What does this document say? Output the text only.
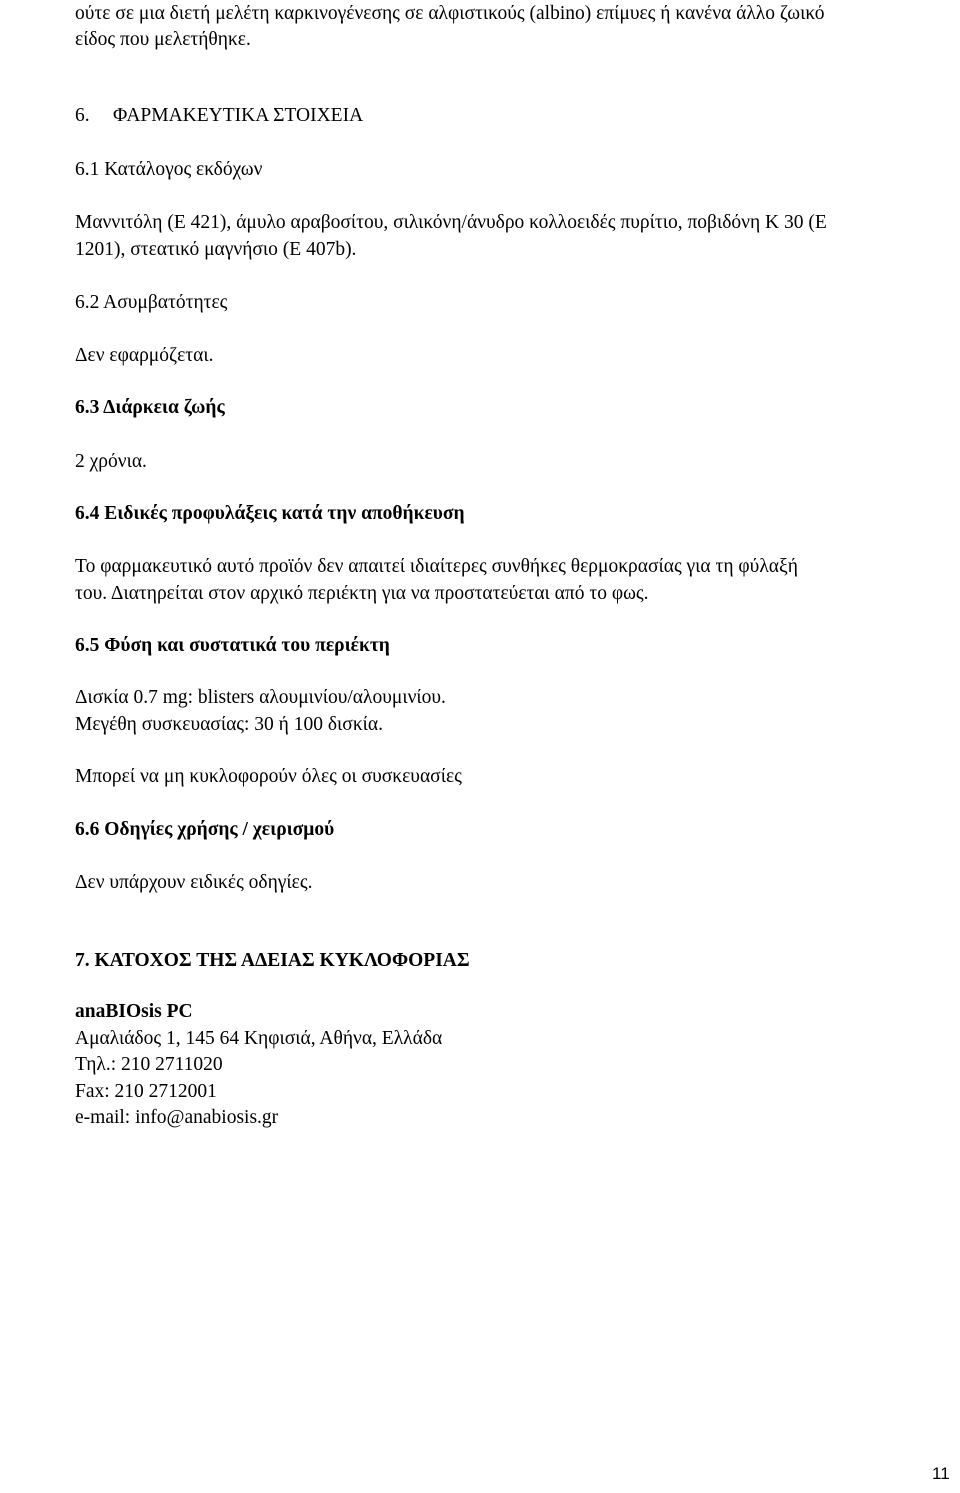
ούτε σε μια διετή μελέτη καρκινογένεσης σε αλφιστικούς (albino) επίμυες ή κανένα άλλο ζωικό
είδος που μελετήθηκε.
6. ΦΑΡΜΑΚΕΥΤΙΚΑ ΣΤΟΙΧΕΙΑ
6.1 Κατάλογος εκδόχων
Μαννιτόλη (E 421), άμυλο αραβοσίτου, σιλικόνη/άνυδρο κολλοειδές πυρίτιο, ποβιδόνη K 30 (E
1201), στεατικό μαγνήσιο (E 407b).
6.2 Ασυμβατότητες
Δεν εφαρμόζεται.
6.3 Διάρκεια ζωής
2 χρόνια.
6.4 Ειδικές προφυλάξεις κατά την αποθήκευση
Το φαρμακευτικό αυτό προϊόν δεν απαιτεί ιδιαίτερες συνθήκες θερμοκρασίας για τη φύλαξή
του. Διατηρείται στον αρχικό περιέκτη για να προστατεύεται από το φως.
6.5 Φύση και συστατικά του περιέκτη
Δισκία 0.7 mg: blisters αλουμινίου/αλουμινίου.
Μεγέθη συσκευασίας: 30 ή 100 δισκία.
Μπορεί να μη κυκλοφορούν όλες οι συσκευασίες
6.6 Οδηγίες χρήσης / χειρισμού
Δεν υπάρχουν ειδικές οδηγίες.
7. ΚΑΤΟΧΟΣ ΤΗΣ ΑΔΕΙΑΣ ΚΥΚΛΟΦΟΡΙΑΣ
anaBIOsis PC
Αμαλιάδος 1, 145 64 Κηφισιά, Αθήνα, Ελλάδα
Τηλ.: 210 2711020
Fax: 210 2712001
e-mail: info@anabiosis.gr
11
